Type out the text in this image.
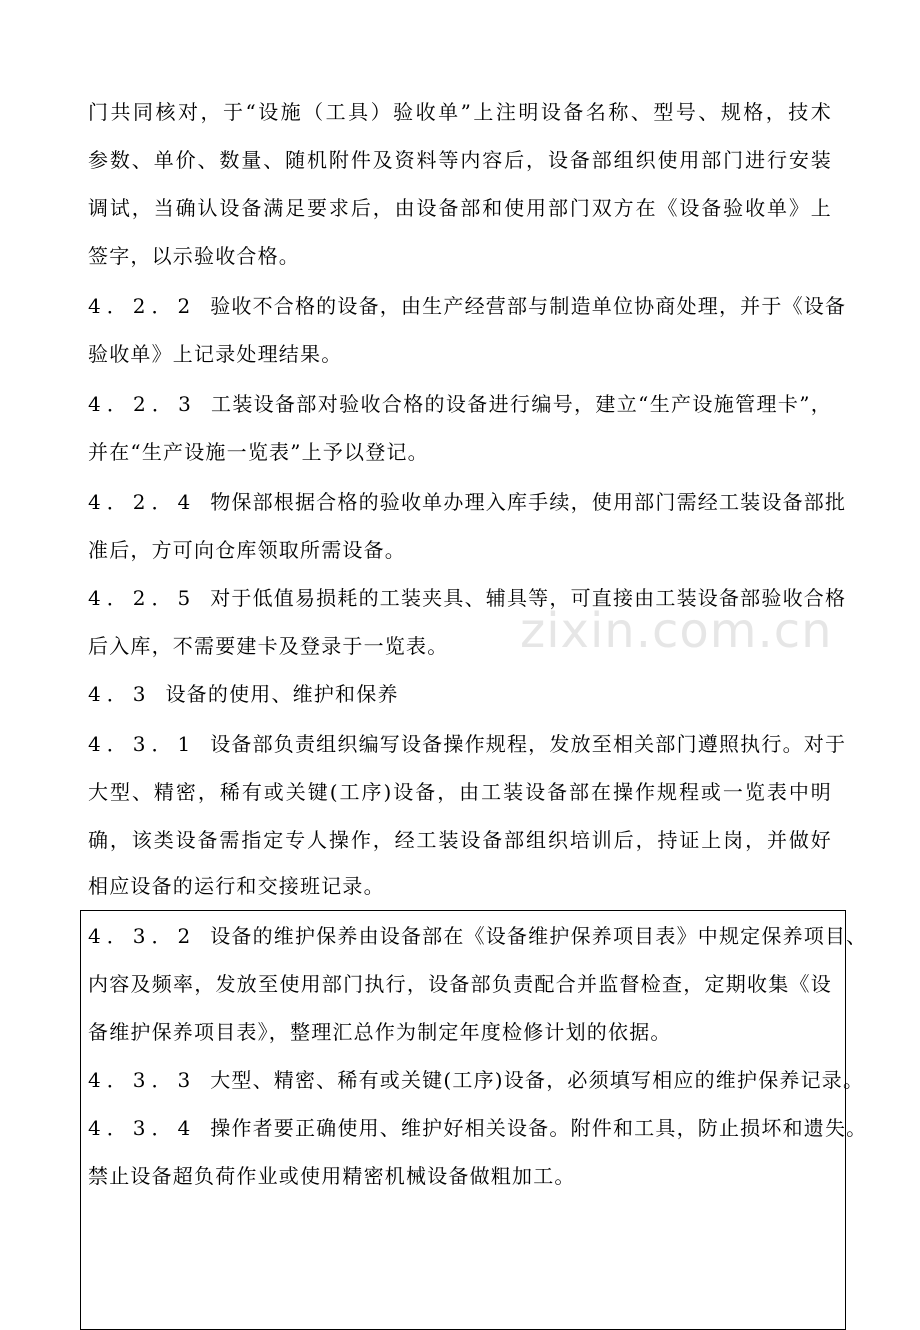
门共同核对，于“设施（工具）验收单”上注明设备名称、型号、规格，技术
参数、单价、数量、随机附件及资料等内容后，设备部组织使用部门进行安装
调试，当确认设备满足要求后，由设备部和使用部门双方在《设备验收单》上
签字，以示验收合格。
4．2．2 验收不合格的设备，由生产经营部与制造单位协商处理，并于《设备
验收单》上记录处理结果。
4．2．3 工装设备部对验收合格的设备进行编号，建立“生产设施管理卡”，
并在“生产设施一览表”上予以登记。
4．2．4 物保部根据合格的验收单办理入库手续，使用部门需经工装设备部批
准后，方可向仓库领取所需设备。
4．2．5 对于低值易损耗的工装夹具、辅具等，可直接由工装设备部验收合格
后入库，不需要建卡及登录于一览表。
4．3 设备的使用、维护和保养
4．3．1 设备部负责组织编写设备操作规程，发放至相关部门遵照执行。对于
大型、精密，稀有或关键(工序)设备，由工装设备部在操作规程或一览表中明
确，该类设备需指定专人操作，经工装设备部组织培训后，持证上岗，并做好
相应设备的运行和交接班记录。
4．3．2 设备的维护保养由设备部在《设备维护保养项目表》中规定保养项目、
内容及频率，发放至使用部门执行，设备部负责配合并监督检查，定期收集《设
备维护保养项目表》，整理汇总作为制定年度检修计划的依据。
4．3．3 大型、精密、稀有或关键(工序)设备，必须填写相应的维护保养记录。
4．3．4 操作者要正确使用、维护好相关设备。附件和工具，防止损坏和遗失。
禁止设备超负荷作业或使用精密机械设备做粗加工。
zixin.com.cn
